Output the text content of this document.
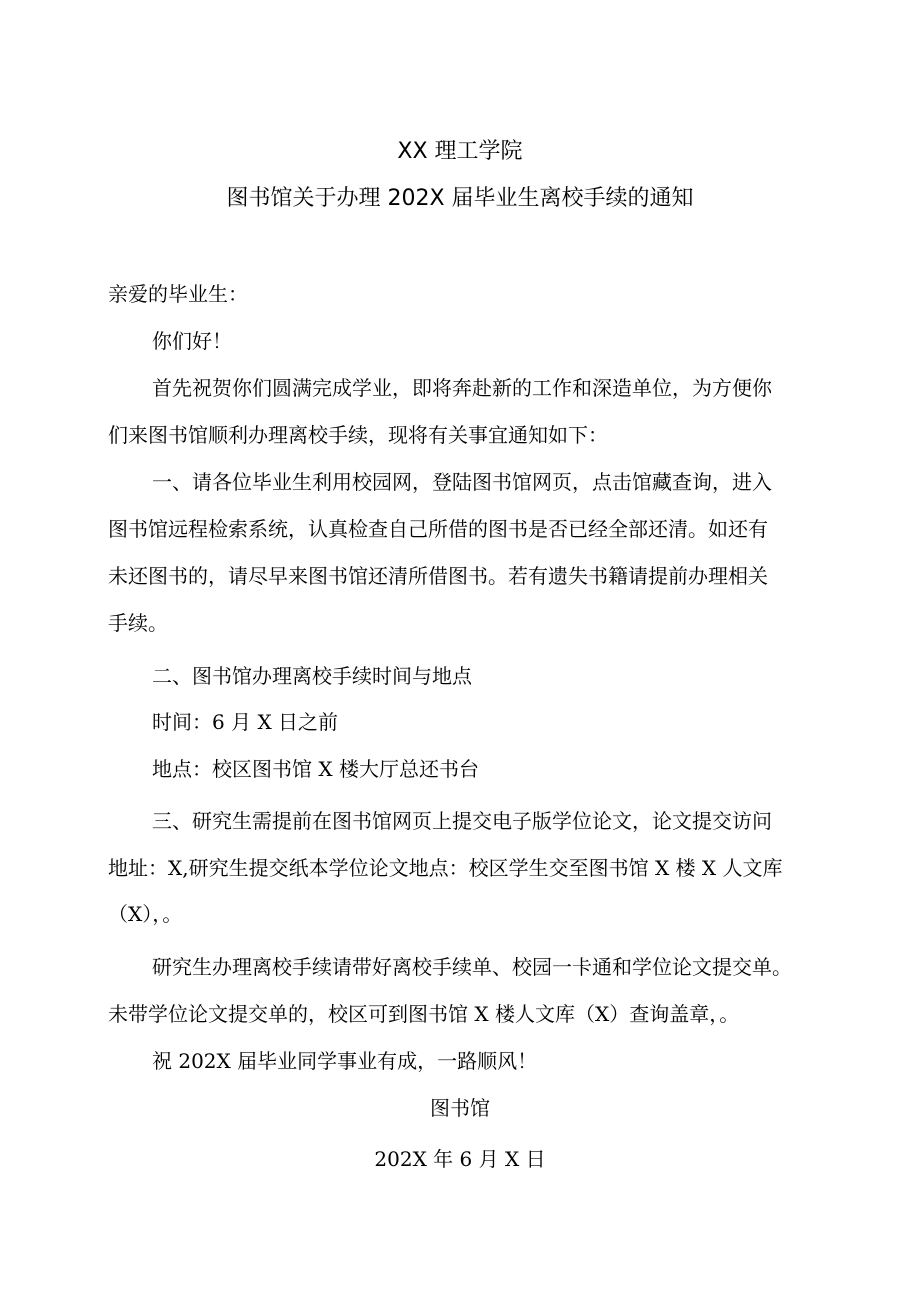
XX 理工学院
图书馆关于办理 202X 届毕业生离校手续的通知
亲爱的毕业生：
你们好！
首先祝贺你们圆满完成学业，即将奔赴新的工作和深造单位，为方便你
们来图书馆顺利办理离校手续，现将有关事宜通知如下：
一、请各位毕业生利用校园网，登陆图书馆网页，点击馆藏查询，进入
图书馆远程检索系统，认真检查自己所借的图书是否已经全部还清。如还有
未还图书的，请尽早来图书馆还清所借图书。若有遗失书籍请提前办理相关
手续。
二、图书馆办理离校手续时间与地点
时间：6 月 X 日之前
地点：校区图书馆 X 楼大厅总还书台
三、研究生需提前在图书馆网页上提交电子版学位论文，论文提交访问
地址：X,研究生提交纸本学位论文地点：校区学生交至图书馆 X 楼 X 人文库
（X），。
研究生办理离校手续请带好离校手续单、校园一卡通和学位论文提交单。
未带学位论文提交单的，校区可到图书馆 X 楼人文库（X）查询盖章，。
祝 202X 届毕业同学事业有成，一路顺风！
图书馆
202X 年 6 月 X 日
